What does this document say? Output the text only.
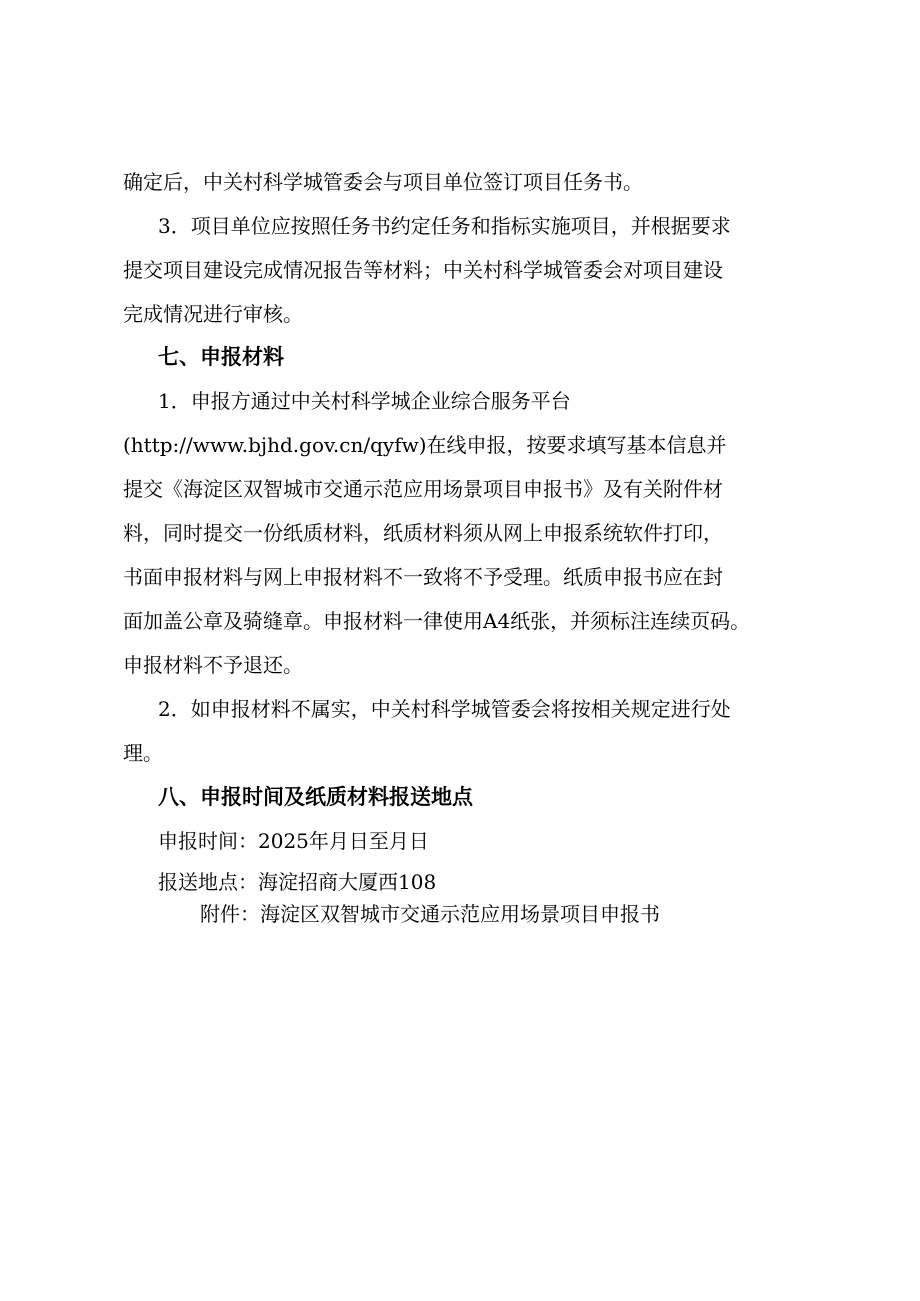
确定后，中关村科学城管委会与项目单位签订项目任务书。
3．项目单位应按照任务书约定任务和指标实施项目，并根据要求
提交项目建设完成情况报告等材料；中关村科学城管委会对项目建设
完成情况进行审核。
七、申报材料
1．申报方通过中关村科学城企业综合服务平台
(http://www.bjhd.gov.cn/qyfw)在线申报，按要求填写基本信息并
提交《海淀区双智城市交通示范应用场景项目申报书》及有关附件材
料，同时提交一份纸质材料，纸质材料须从网上申报系统软件打印，
书面申报材料与网上申报材料不一致将不予受理。纸质申报书应在封
面加盖公章及骑缝章。申报材料一律使用A4纸张，并须标注连续页码。
申报材料不予退还。
2．如申报材料不属实，中关村科学城管委会将按相关规定进行处
理。
八、申报时间及纸质材料报送地点
申报时间：2025年月日至月日
报送地点：海淀招商大厦西108
附件：海淀区双智城市交通示范应用场景项目申报书
